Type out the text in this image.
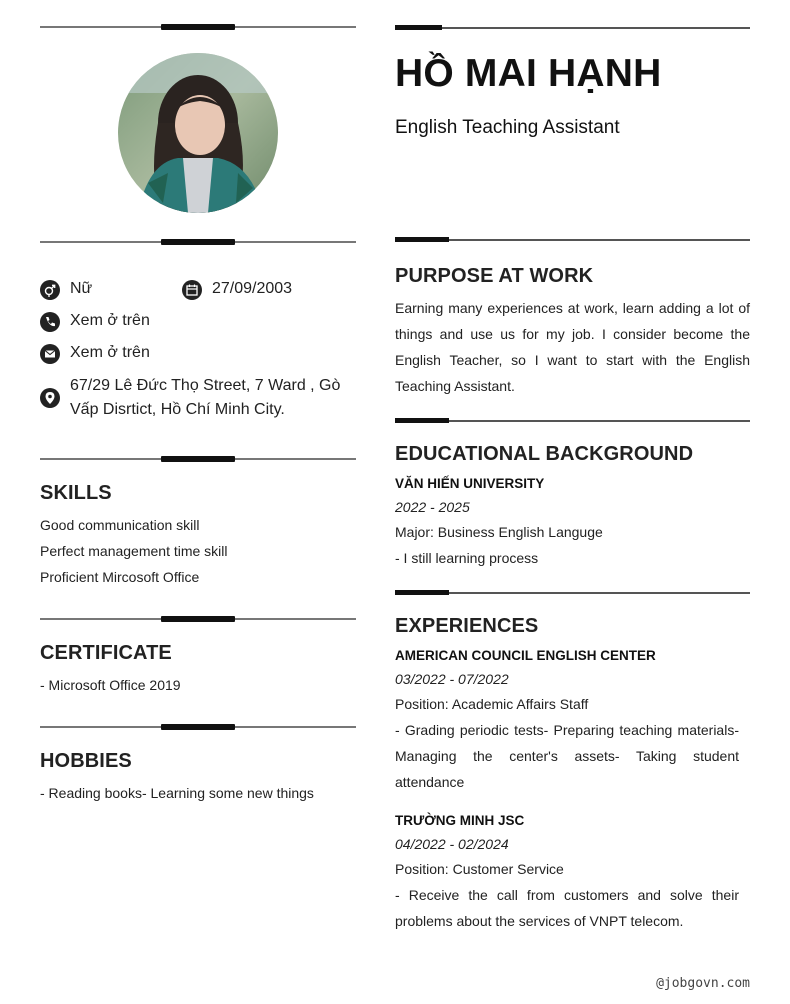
Nữ	27/09/2003
Xem ở trên
Xem ở trên
67/29 Lê Đức Thọ Street, 7 Ward , Gò Vấp Disrtict, Hồ Chí Minh City.
SKILLS
Good communication skill
Perfect management time skill
Proficient Mircosoft Office
CERTIFICATE
- Microsoft Office 2019
HOBBIES
- Reading books- Learning some new things
HỒ MAI HẠNH
English Teaching Assistant
PURPOSE AT WORK
Earning many experiences at work, learn adding a lot of things and use us for my job. I consider become the English Teacher, so I want to start with the English Teaching Assistant.
EDUCATIONAL BACKGROUND
VĂN HIẾN UNIVERSITY
2022 - 2025
Major: Business English Languge
- I still learning process
EXPERIENCES
AMERICAN COUNCIL ENGLISH CENTER
03/2022 - 07/2022
Position: Academic Affairs Staff
- Grading periodic tests- Preparing teaching materials- Managing the center's assets- Taking student attendance
TRƯỜNG MINH JSC
04/2022 - 02/2024
Position: Customer Service
- Receive the call from customers and solve their problems about the services of VNPT telecom.
@jobgovn.com
